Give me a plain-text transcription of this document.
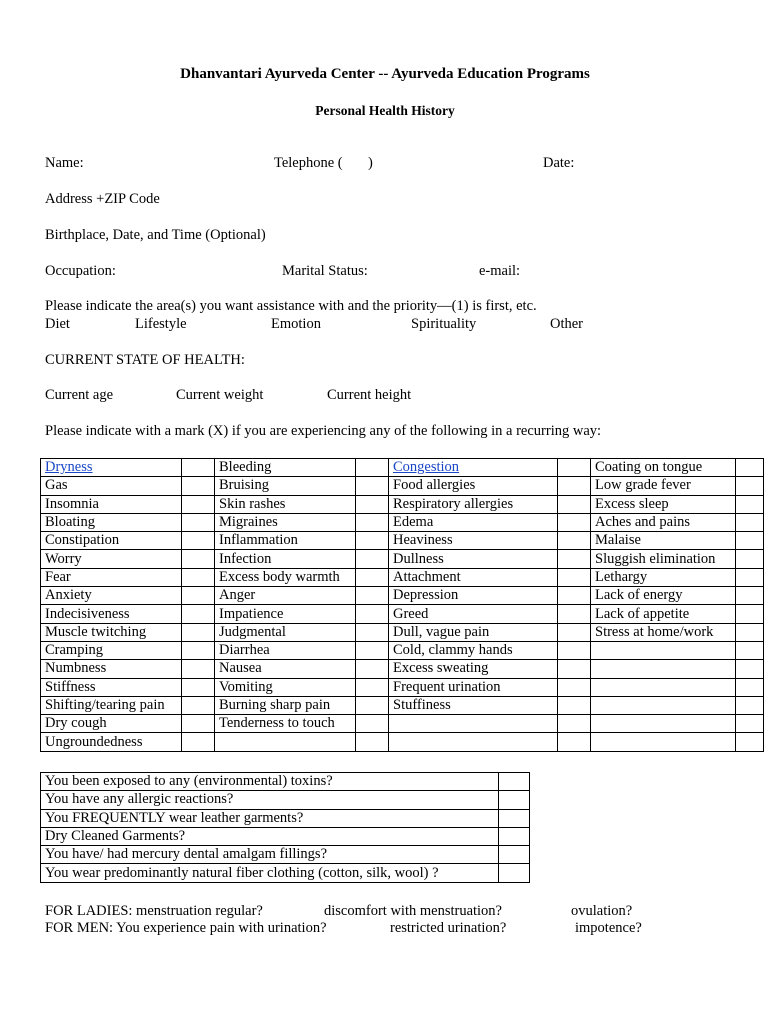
Dhanvantari Ayurveda Center -- Ayurveda Education Programs
Personal Health History
Name:	Telephone (       )	Date:
Address +ZIP Code
Birthplace, Date, and Time (Optional)
Occupation:	Marital Status:	e-mail:
Please indicate the area(s) you want assistance with and the priority—(1) is first, etc.
Diet	Lifestyle	Emotion	Spirituality	Other
CURRENT STATE OF HEALTH:
Current age	Current weight	Current height
Please indicate with a mark (X) if you are experiencing any of the following in a recurring way:
Dryness		Bleeding		Congestion		Coating on tongue	
Gas		Bruising		Food allergies		Low grade fever	
Insomnia		Skin rashes		Respiratory allergies		Excess sleep	
Bloating		Migraines		Edema		Aches and pains	
Constipation		Inflammation		Heaviness		Malaise	
Worry		Infection		Dullness		Sluggish elimination	
Fear		Excess body warmth		Attachment		Lethargy	
Anxiety		Anger		Depression		Lack of energy	
Indecisiveness		Impatience		Greed		Lack of appetite	
Muscle twitching		Judgmental		Dull, vague pain		Stress at home/work	
Cramping		Diarrhea		Cold, clammy hands			
Numbness		Nausea		Excess sweating			
Stiffness		Vomiting		Frequent urination			
Shifting/tearing pain		Burning sharp pain		Stuffiness			
Dry cough		Tenderness to touch					
Ungroundedness							
You been exposed to any (environmental) toxins?	
You have any allergic reactions?	
You FREQUENTLY wear leather garments?	
Dry Cleaned Garments?	
You have/ had mercury dental amalgam fillings?	
You wear predominantly natural fiber clothing (cotton, silk, wool) ?	
FOR LADIES: menstruation regular?	discomfort with menstruation?	ovulation?
FOR MEN: You experience pain with urination?	restricted urination?	impotence?
